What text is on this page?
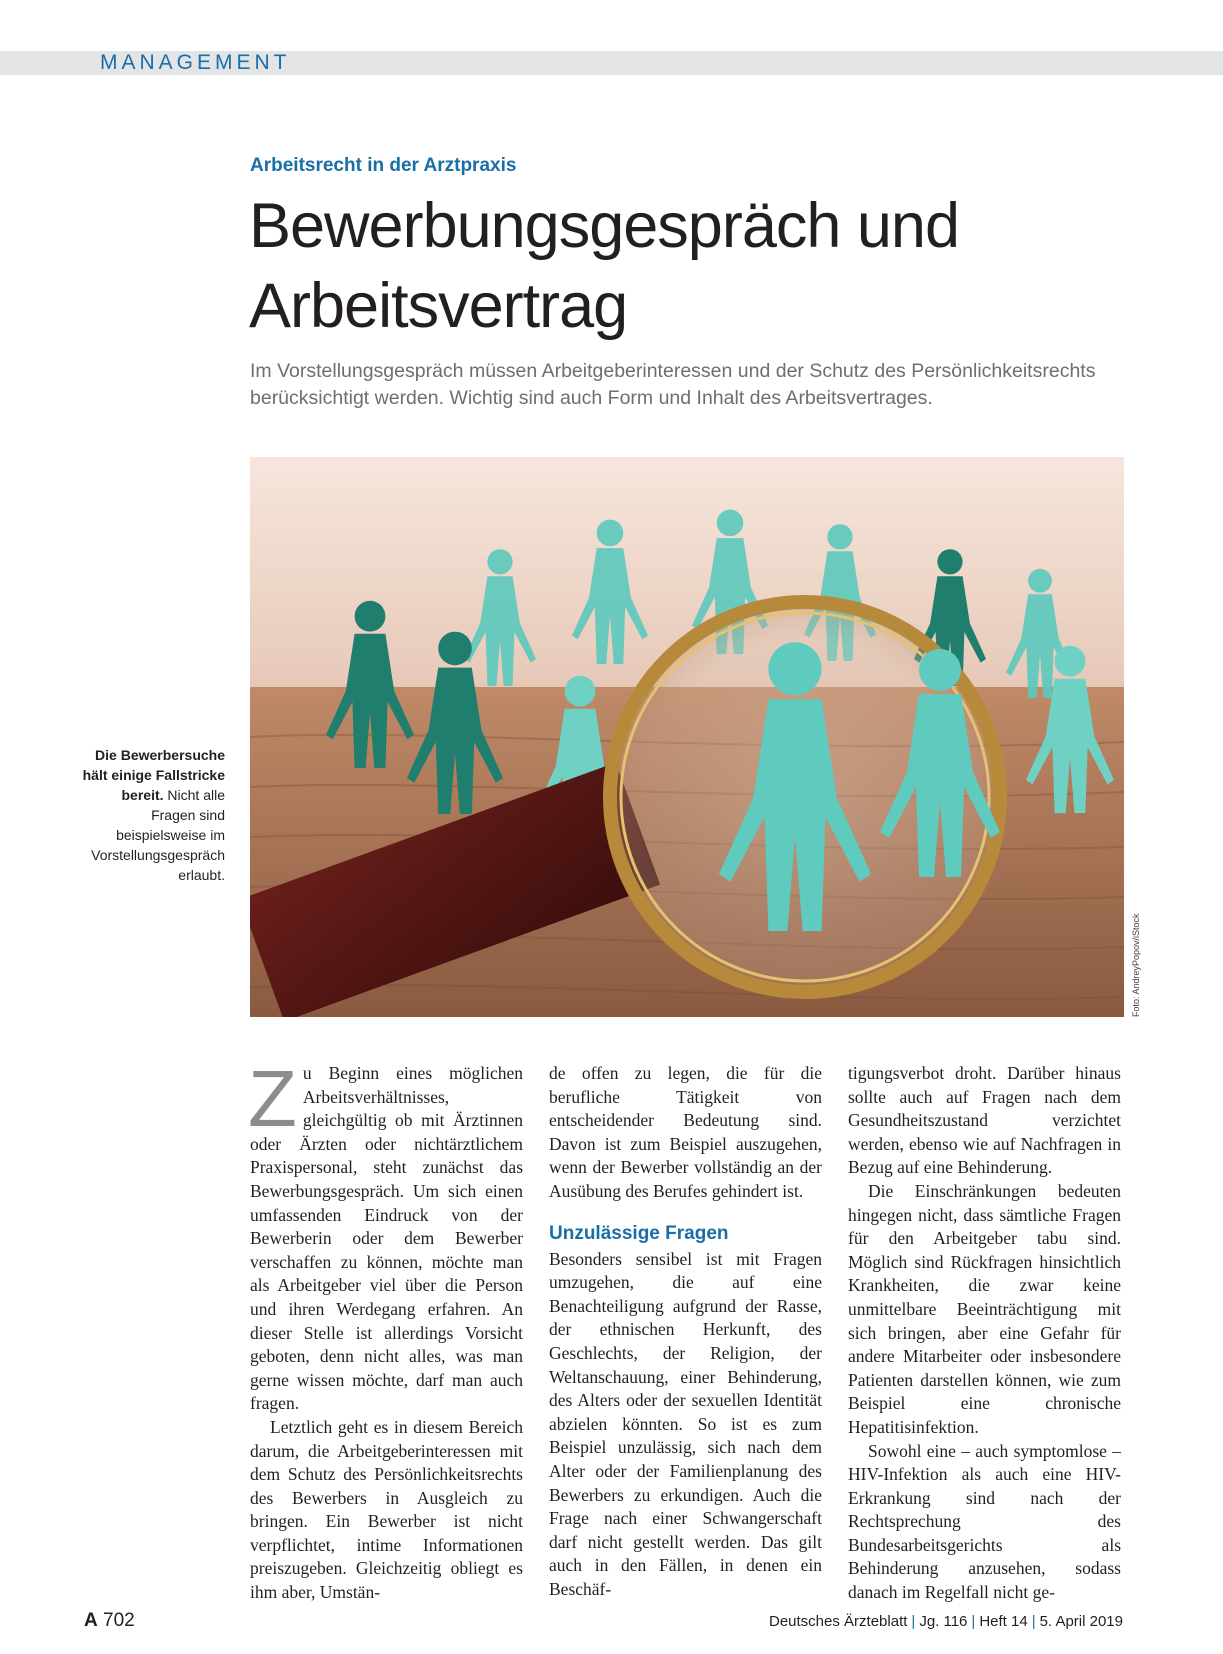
MANAGEMENT
Arbeitsrecht in der Arztpraxis
Bewerbungsgespräch und
Arbeitsvertrag
Im Vorstellungsgespräch müssen Arbeitgeberinteressen und der Schutz des Persönlichkeitsrechts berücksichtigt werden. Wichtig sind auch Form und Inhalt des Arbeitsvertrages.
Foto: AndreyPopov/iStock
Die Bewerbersuche hält einige Fallstricke bereit. Nicht alle Fragen sind beispielsweise im Vorstellungsgespräch erlaubt.

Zu Beginn eines möglichen Arbeitsverhältnisses, gleichgültig ob mit Ärztinnen oder Ärzten oder nichtärztlichem Praxispersonal, steht zunächst das Bewerbungsgespräch. Um sich einen umfassenden Eindruck von der Bewerberin oder dem Bewerber verschaffen zu können, möchte man als Arbeitgeber viel über die Person und ihren Werdegang erfahren. An dieser Stelle ist allerdings Vorsicht geboten, denn nicht alles, was man gerne wissen möchte, darf man auch fragen.

Letztlich geht es in diesem Bereich darum, die Arbeitgeberinteressen mit dem Schutz des Persönlichkeitsrechts des Bewerbers in Ausgleich zu bringen. Ein Bewerber ist nicht verpflichtet, intime Informationen preiszugeben. Gleichzeitig obliegt es ihm aber, Umstän-

de offen zu legen, die für die berufliche Tätigkeit von entscheidender Bedeutung sind. Davon ist zum Beispiel auszugehen, wenn der Bewerber vollständig an der Ausübung des Berufes gehindert ist.

Unzulässige Fragen

Besonders sensibel ist mit Fragen umzugehen, die auf eine Benachteiligung aufgrund der Rasse, der ethnischen Herkunft, des Geschlechts, der Religion, der Weltanschauung, einer Behinderung, des Alters oder der sexuellen Identität abzielen könnten. So ist es zum Beispiel unzulässig, sich nach dem Alter oder der Familienplanung des Bewerbers zu erkundigen. Auch die Frage nach einer Schwangerschaft darf nicht gestellt werden. Das gilt auch in den Fällen, in denen ein Beschäf-

tigungsverbot droht. Darüber hinaus sollte auch auf Fragen nach dem Gesundheitszustand verzichtet werden, ebenso wie auf Nachfragen in Bezug auf eine Behinderung.

Die Einschränkungen bedeuten hingegen nicht, dass sämtliche Fragen für den Arbeitgeber tabu sind. Möglich sind Rückfragen hinsichtlich Krankheiten, die zwar keine unmittelbare Beeinträchtigung mit sich bringen, aber eine Gefahr für andere Mitarbeiter oder insbesondere Patienten darstellen können, wie zum Beispiel eine chronische Hepatitisinfektion.

Sowohl eine – auch symptomlose – HIV-Infektion als auch eine HIV-Erkrankung sind nach der Rechtsprechung des Bundesarbeitsgerichts als Behinderung anzusehen, sodass danach im Regelfall nicht ge-

A 702	Deutsches Ärzteblatt | Jg. 116 | Heft 14 | 5. April 2019
